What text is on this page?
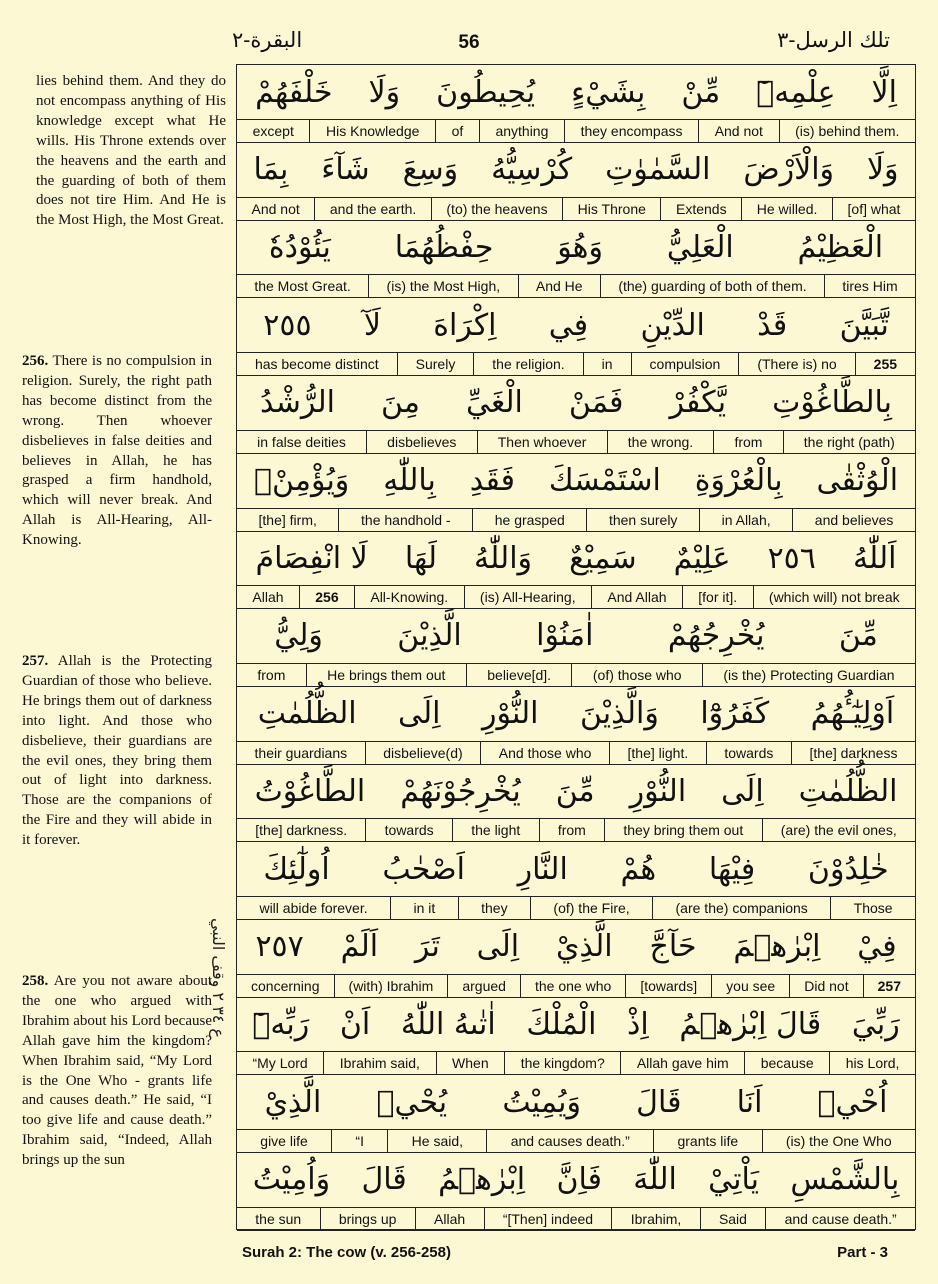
تلك الرسل-٣
56
البقرة-٢

lies behind them. And they do not encompass anything of His knowledge except what He wills. His Throne extends over the heavens and the earth and the guarding of both of them does not tire Him. And He is the Most High, the Most Great.

256. There is no compulsion in religion. Surely, the right path has become distinct from the wrong. Then whoever disbelieves in false deities and believes in Allah, he has grasped a firm handhold, which will never break. And Allah is All-Hearing, All-Knowing.

257. Allah is the Protecting Guardian of those who believe. He brings them out of darkness into light. And those who disbelieve, their guardians are the evil ones, they bring them out of light into darkness. Those are the companions of the Fire and they will abide in it forever.

258. Are you not aware about the one who argued with Ibrahim about his Lord because Allah gave him the kingdom? When Ibrahim said, “My Lord is the One Who - grants life and causes death.” He said, “I too give life and cause death.” Ibrahim said, “Indeed, Allah brings up the sun

ع ٣٤ ٢ وقف النبي
خَلْفَهُمْ وَلَا يُحِيطُونَ بِشَيْءٍ مِّنْ عِلْمِهٖٓ اِلَّا
(is) behind them.
And not
they encompass
anything
of
His Knowledge
except
بِمَا شَآءَ وَسِعَ كُرْسِيُّهُ السَّمٰوٰتِ وَالْاَرْضَ وَلَا
[of] what
He willed.
Extends
His Throne
(to) the heavens
and the earth.
And not
يَئُوْدُهٗ حِفْظُهُمَا وَهُوَ الْعَلِيُّ الْعَظِيْمُ
tires Him
(the) guarding of both of them.
And He
(is) the Most High,
the Most Great.
٢٥٥ لَآ اِكْرَاهَ فِي الدِّيْنِ قَدْ تَّبَيَّنَ
255
(There is) no
compulsion
in
the religion.
Surely
has become distinct
الرُّشْدُ مِنَ الْغَيِّ فَمَنْ يَّكْفُرْ بِالطَّاغُوْتِ
the right (path)
from
the wrong.
Then whoever
disbelieves
in false deities
وَيُؤْمِنْۢ بِاللّٰهِ فَقَدِ اسْتَمْسَكَ بِالْعُرْوَةِ الْوُثْقٰى
and believes
in Allah,
then surely
he grasped
the handhold -
[the] firm,
لَا انْفِصَامَ لَهَا وَاللّٰهُ سَمِيْعٌ عَلِيْمٌ ٢٥٦ اَللّٰهُ
(which will) not break
[for it].
And Allah
(is) All-Hearing,
All-Knowing.
256
Allah
وَلِيُّ الَّذِيْنَ اٰمَنُوْا يُخْرِجُهُمْ مِّنَ
(is the) Protecting Guardian
(of) those who
believe[d].
He brings them out
from
الظُّلُمٰتِ اِلَى النُّوْرِ وَالَّذِيْنَ كَفَرُوْٓا اَوْلِيٰٓـُٔهُمُ
[the] darkness
towards
[the] light.
And those who
disbelieve(d)
their guardians
الطَّاغُوْتُ يُخْرِجُوْنَهُمْ مِّنَ النُّوْرِ اِلَى الظُّلُمٰتِ
(are) the evil ones,
they bring them out
from
the light
towards
[the] darkness.
اُولٰٓئِكَ اَصْحٰبُ النَّارِ هُمْ فِيْهَا خٰلِدُوْنَ
Those
(are the) companions
(of) the Fire,
they
in it
will abide forever.
٢٥٧ اَلَمْ تَرَ اِلَى الَّذِيْ حَآجَّ اِبْرٰهٖمَ فِيْ
257
Did not
you see
[towards]
the one who
argued
(with) Ibrahim
concerning
رَبِّهٖٓ اَنْ اٰتٰىهُ اللّٰهُ الْمُلْكَ اِذْ قَالَ اِبْرٰهٖمُ رَبِّيَ
his Lord,
because
Allah gave him
the kingdom?
When
Ibrahim said,
“My Lord
الَّذِيْ يُحْيٖ وَيُمِيْتُ قَالَ اَنَا اُحْيٖ
(is) the One Who
grants life
and causes death.”
He said,
“I
give life
وَاُمِيْتُ قَالَ اِبْرٰهٖمُ فَاِنَّ اللّٰهَ يَاْتِيْ بِالشَّمْسِ
and cause death.”
Said
Ibrahim,
“[Then] indeed
Allah
brings up
the sun
Surah 2: The cow (v. 256-258)	Part - 3
